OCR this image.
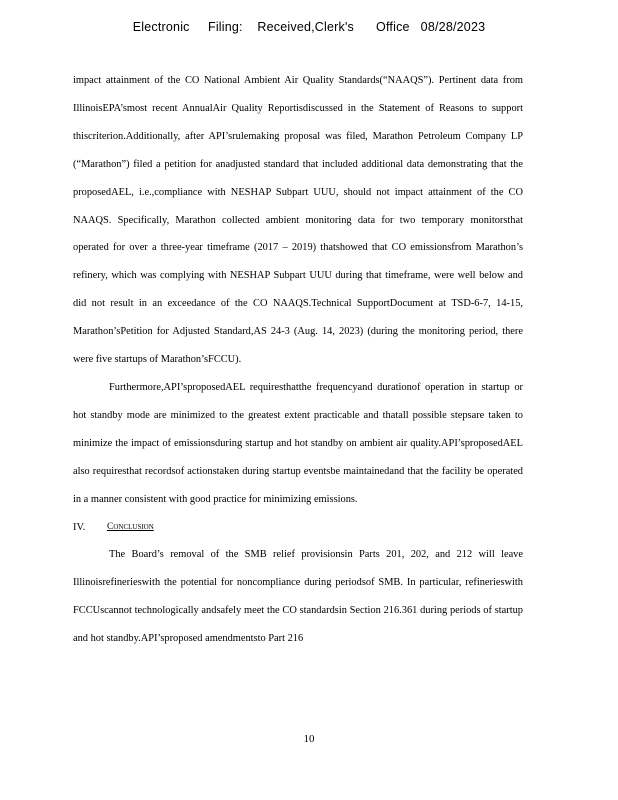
Electronic     Filing:    Received,Clerk's      Office   08/28/2023

impact attainment of the CO National Ambient Air Quality Standards(“NAAQS”). Pertinent data from IllinoisEPA’smost recent AnnualAir Quality Reportisdiscussed in the Statement of Reasons to support thiscriterion.Additionally, after API’srulemaking proposal was filed, Marathon Petroleum Company LP (“Marathon”) filed a petition for anadjusted standard that included additional data demonstrating that the proposedAEL, i.e.,compliance with NESHAP Subpart UUU, should not impact attainment of the CO NAAQS. Specifically, Marathon collected ambient monitoring data for two temporary monitorsthat operated for over a three-year timeframe (2017 – 2019) thatshowed that CO emissionsfrom Marathon’s refinery, which was complying with NESHAP Subpart UUU during that timeframe, were well below and did not result in an exceedance of the CO NAAQS.Technical SupportDocument at TSD-6-7, 14-15, Marathon’sPetition for Adjusted Standard,AS 24-3 (Aug. 14, 2023) (during the monitoring period, there were five startups of Marathon’sFCCU).

Furthermore,API’sproposedAEL requiresthatthe frequencyand durationof operation in startup or hot standby mode are minimized to the greatest extent practicable and thatall possible stepsare taken to minimize the impact of emissionsduring startup and hot standby on ambient air quality.API’sproposedAEL also requiresthat recordsof actionstaken during startup eventsbe maintainedand that the facility be operated in a manner consistent with good practice for minimizing emissions.

IV.	Conclusion

The Board’s removal of the SMB relief provisionsin Parts 201, 202, and 212 will leave Illinoisrefinerieswith the potential for noncompliance during periodsof SMB. In particular, refinerieswith FCCUscannot technologically andsafely meet the CO standardsin Section 216.361 during periods of startup and hot standby.API’sproposed amendmentsto Part 216

10
